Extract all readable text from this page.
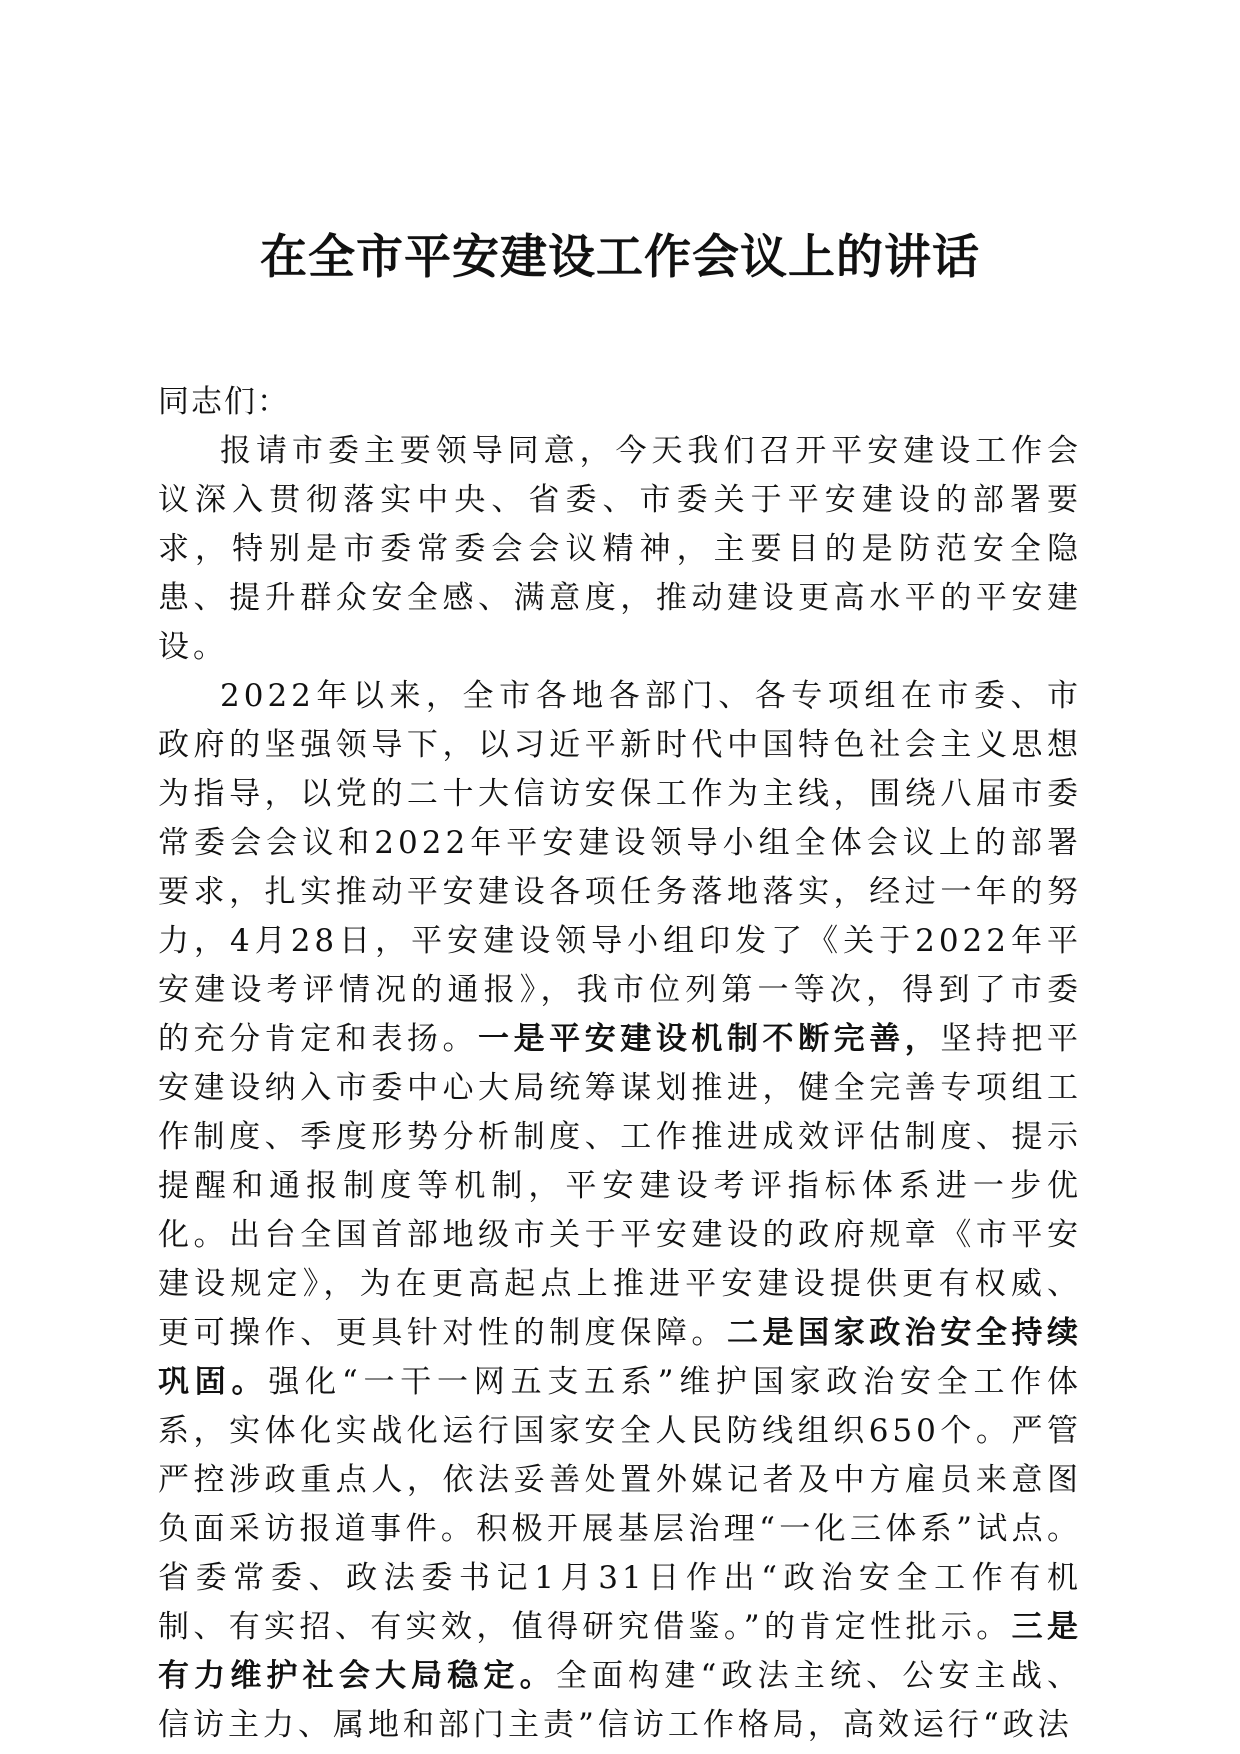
在全市平安建设工作会议上的讲话

同志们：

报请市委主要领导同意，今天我们召开平安建设工作会议深入贯彻落实中央、省委、市委关于平安建设的部署要求，特别是市委常委会会议精神，主要目的是防范安全隐患、提升群众安全感、满意度，推动建设更高水平的平安建设。

2022年以来，全市各地各部门、各专项组在市委、市政府的坚强领导下，以习近平新时代中国特色社会主义思想为指导，以党的二十大信访安保工作为主线，围绕八届市委常委会会议和2022年平安建设领导小组全体会议上的部署要求，扎实推动平安建设各项任务落地落实，经过一年的努力，4月28日，平安建设领导小组印发了《关于2022年平安建设考评情况的通报》，我市位列第一等次，得到了市委的充分肯定和表扬。一是平安建设机制不断完善，坚持把平安建设纳入市委中心大局统筹谋划推进，健全完善专项组工作制度、季度形势分析制度、工作推进成效评估制度、提示提醒和通报制度等机制，平安建设考评指标体系进一步优化。出台全国首部地级市关于平安建设的政府规章《市平安建设规定》，为在更高起点上推进平安建设提供更有权威、更可操作、更具针对性的制度保障。二是国家政治安全持续巩固。强化“一干一网五支五系”维护国家政治安全工作体系，实体化实战化运行国家安全人民防线组织650个。严管严控涉政重点人，依法妥善处置外媒记者及中方雇员来意图负面采访报道事件。积极开展基层治理“一化三体系”试点。省委常委、政法委书记1月31日作出“政治安全工作有机制、有实招、有实效，值得研究借鉴。”的肯定性批示。三是有力维护社会大局稳定。全面构建“政法主统、公安主战、信访主力、属地和部门主责”信访工作格局，高效运行“政法
